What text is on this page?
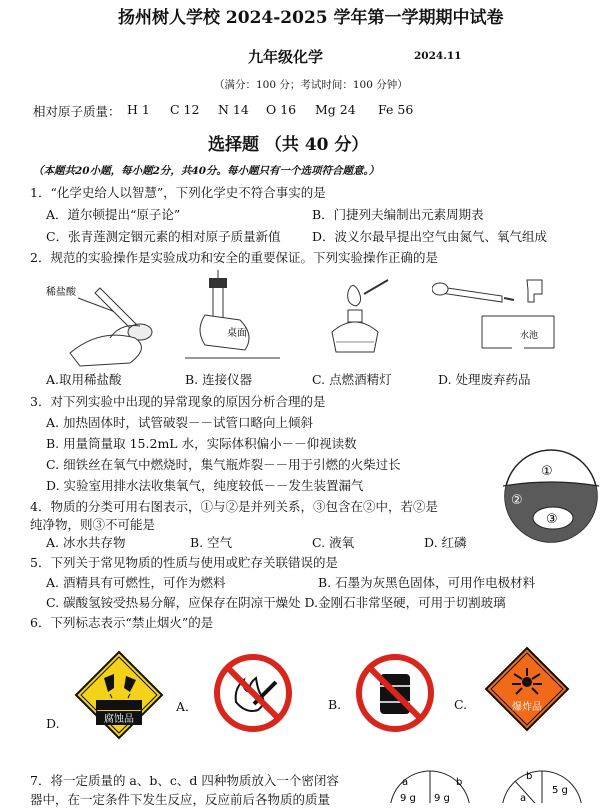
扬州树人学校 2024-2025 学年第一学期期中试卷
九年级化学	2024.11
（满分：100 分；考试时间：100 分钟）
相对原子质量： H 1 C 12 N 14 O 16 Mg 24 Fe 56
选择题 （共 40 分）
（本题共20小题，每小题2分，共40分。每小题只有一个选项符合题意。）
1．“化学史给人以智慧”，下列化学史不符合事实的是
A．道尔顿提出“原子论”	B．门捷列夫编制出元素周期表
C．张青莲测定铟元素的相对原子质量新值	D．波义尔最早提出空气由氮气、氧气组成
2．规范的实验操作是实验成功和安全的重要保证。下列实验操作正确的是
稀盐酸
桌面	水池
A.取用稀盐酸	B. 连接仪器	C. 点燃酒精灯	D. 处理废弃药品
3．对下列实验中出现的异常现象的原因分析合理的是
A. 加热固体时，试管破裂－－试管口略向上倾斜
B. 用量筒量取 15.2mL 水，实际体积偏小－－仰视读数
C. 细铁丝在氧气中燃烧时，集气瓶炸裂－－用于引燃的火柴过长
D. 实验室用排水法收集氧气，纯度较低－－发生装置漏气
①
②
③
4．物质的分类可用右图表示，①与②是并列关系，③包含在②中，若②是
纯净物，则③不可能是
A. 冰水共存物	B. 空气	C. 液氧	D. 红磷
5．下列关于常见物质的性质与使用或贮存关联错误的是
A. 酒精具有可燃性，可作为燃料	B. 石墨为灰黑色固体，可用作电极材料
C. 碳酸氢铵受热易分解，应保存在阴凉干燥处 D.金刚石非常坚硬，可用于切割玻璃
6．下列标志表示“禁止烟火”的是
腐蚀品
A．	B.	C.	爆炸品
D.
7．将一定质量的 a、b、c、d 四种物质放入一个密闭容
器中，在一定条件下发生反应，反应前后各物质的质量
a	b
9 g 9 g
b
5 g
a
